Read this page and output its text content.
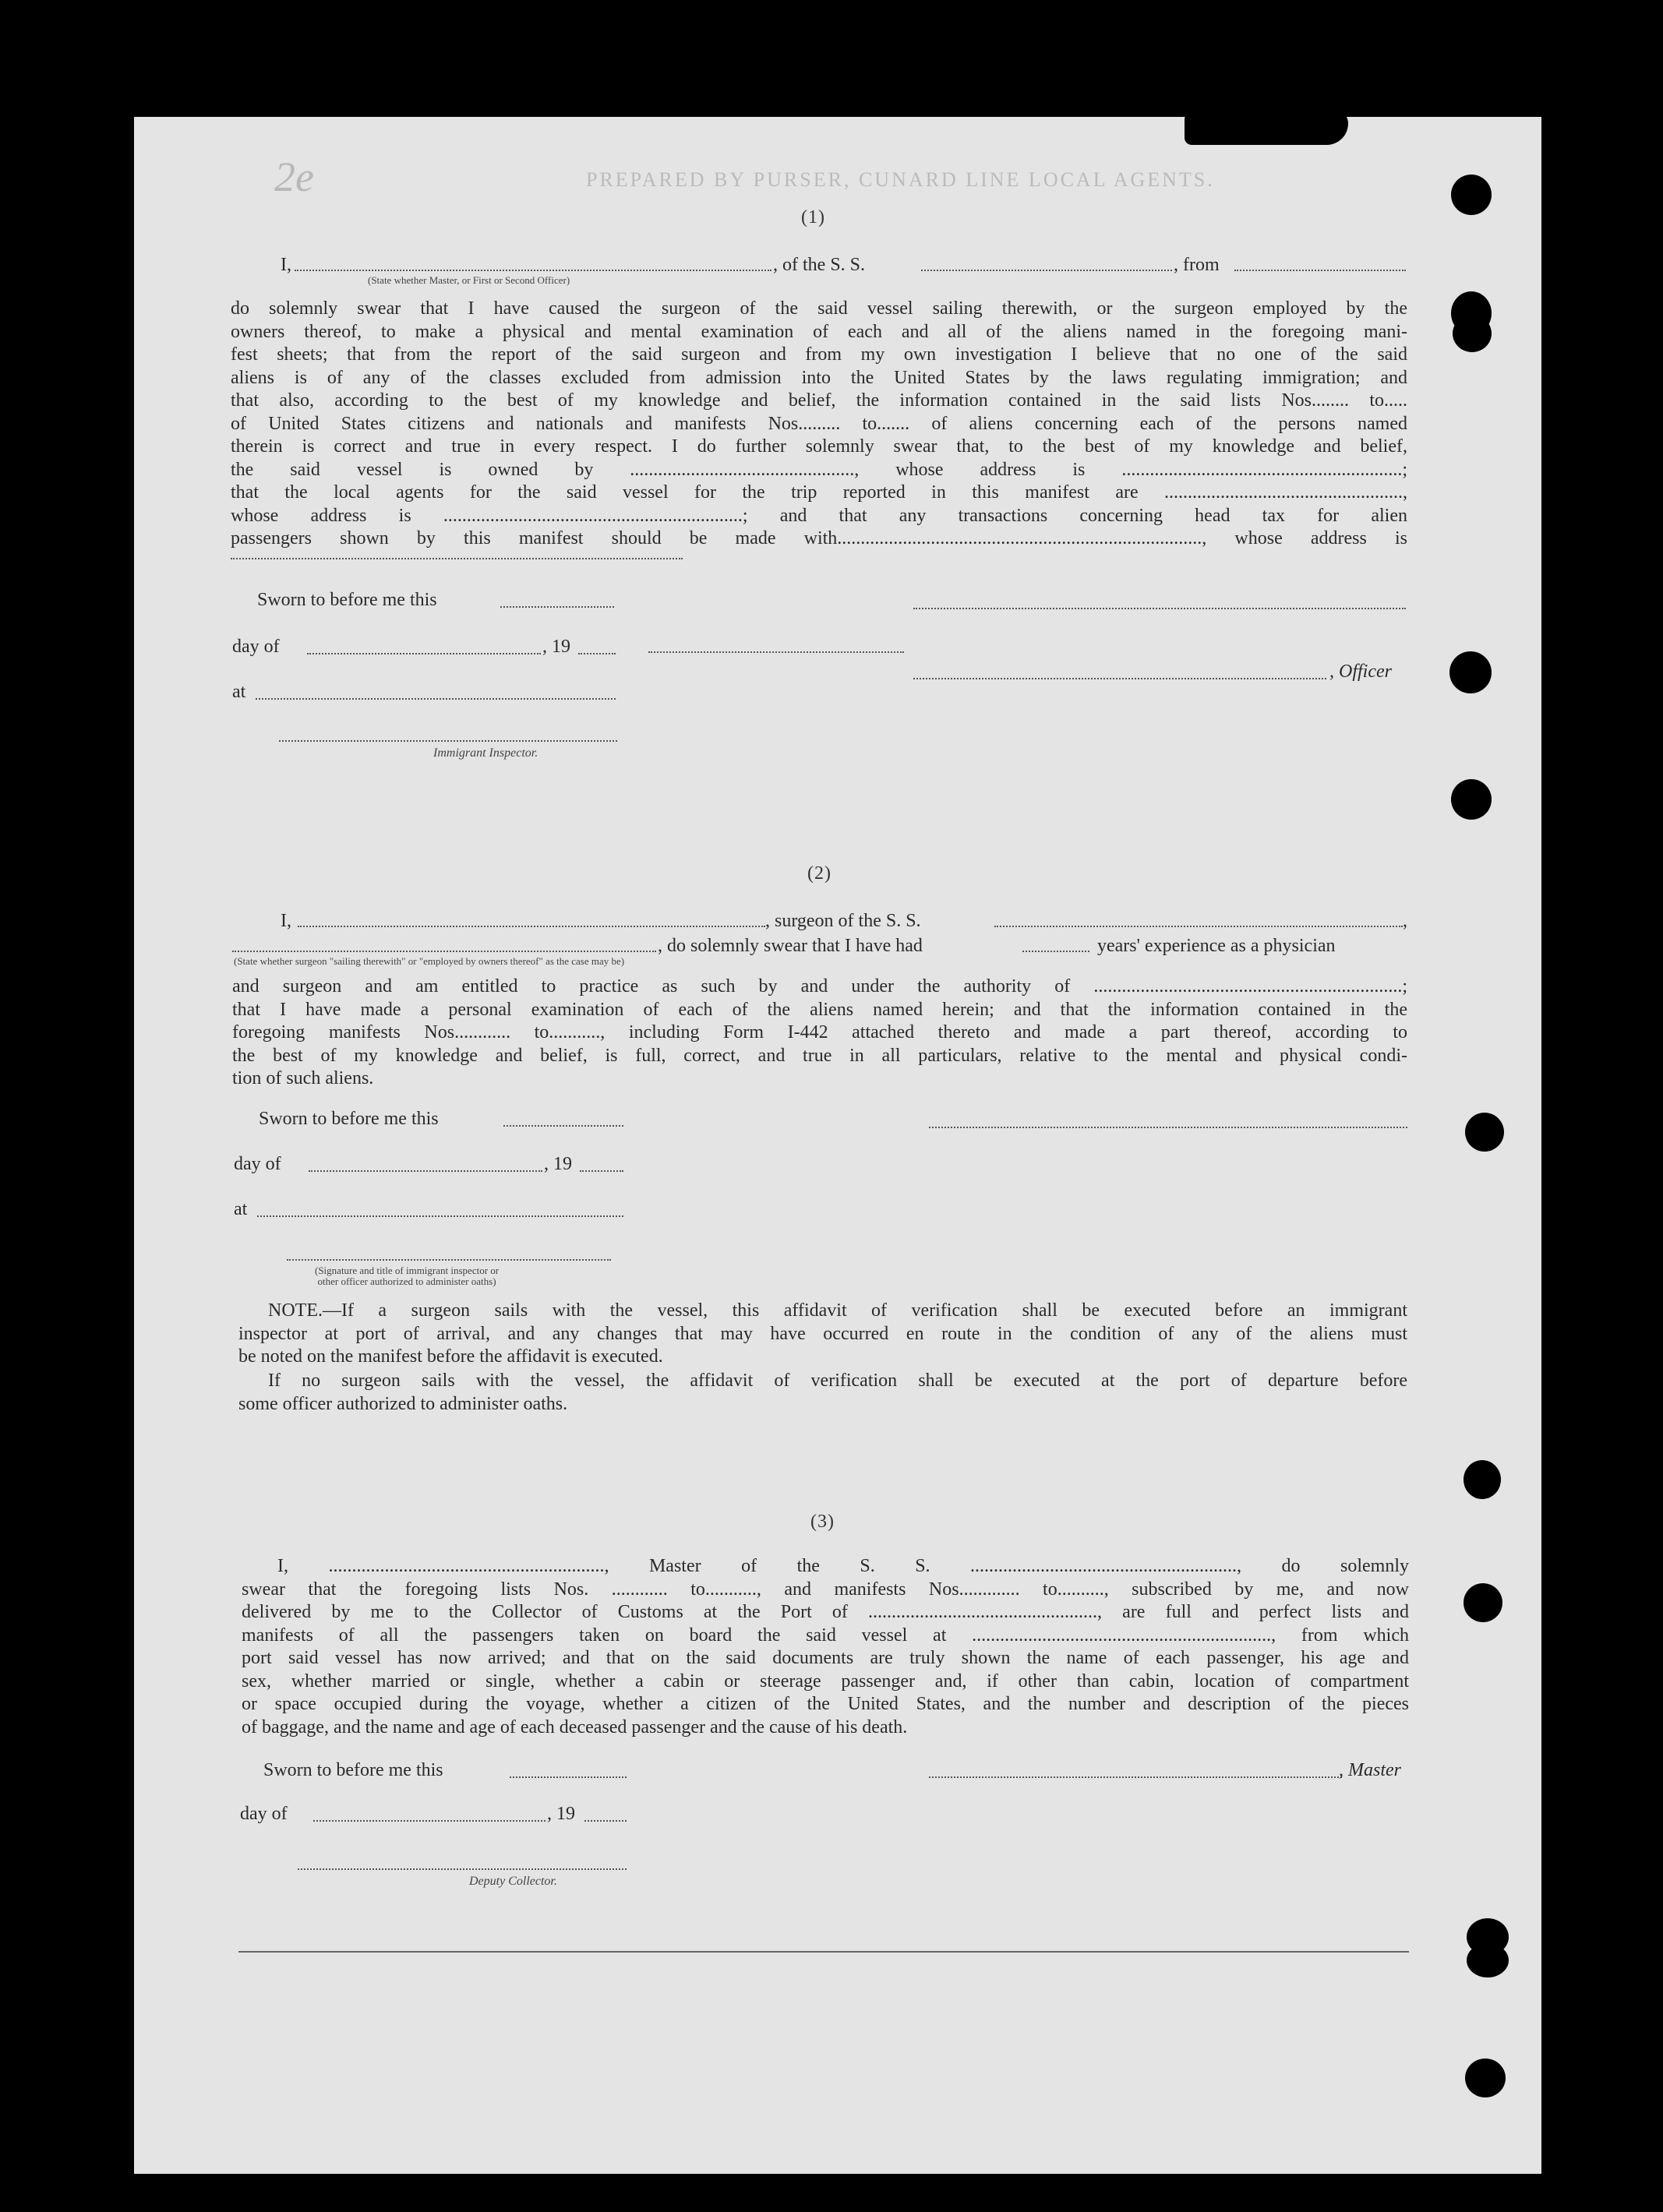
PREPARED BY PURSER, CUNARD LINE LOCAL AGENTS.
2e
(1)
I,	, of the S. S.	, from
(State whether Master, or First or Second Officer)
do solemnly swear that I have caused the surgeon of the said vessel sailing therewith, or the surgeon employed by the
owners thereof, to make a physical and mental examination of each and all of the aliens named in the foregoing mani-
fest sheets; that from the report of the said surgeon and from my own investigation I believe that no one of the said
aliens is of any of the classes excluded from admission into the United States by the laws regulating immigration; and
that also, according to the best of my knowledge and belief, the information contained in the said lists Nos........ to.....
of United States citizens and nationals and manifests Nos......... to....... of aliens concerning each of the persons named
therein is correct and true in every respect. I do further solemnly swear that, to the best of my knowledge and belief,
the said vessel is owned by ................................................, whose address is ............................................................;
that the local agents for the said vessel for the trip reported in this manifest are ...................................................,
whose address is ................................................................; and that any transactions concerning head tax for alien
passengers shown by this manifest should be made with.............................................................................., whose address is
Sworn to before me this
day of	, 19
, Officer
at
Immigrant Inspector.
(2)
I,	, surgeon of the S. S.	,
, do solemnly swear that I have had	years' experience as a physician
(State whether surgeon "sailing therewith" or "employed by owners thereof" as the case may be)
and surgeon and am entitled to practice as such by and under the authority of ..................................................................;
that I have made a personal examination of each of the aliens named herein; and that the information contained in the
foregoing manifests Nos............ to..........., including Form I-442 attached thereto and made a part thereof, according to
the best of my knowledge and belief, is full, correct, and true in all particulars, relative to the mental and physical condi-
tion of such aliens.
Sworn to before me this
day of	, 19
at
(Signature and title of immigrant inspector or
other officer authorized to administer oaths)
NOTE.—If a surgeon sails with the vessel, this affidavit of verification shall be executed before an immigrant
inspector at port of arrival, and any changes that may have occurred en route in the condition of any of the aliens must
be noted on the manifest before the affidavit is executed.
If no surgeon sails with the vessel, the affidavit of verification shall be executed at the port of departure before
some officer authorized to administer oaths.
(3)
I, ..........................................................., Master of the S. S. ........................................................., do solemnly
swear that the foregoing lists Nos. ............ to..........., and manifests Nos............. to.........., subscribed by me, and now
delivered by me to the Collector of Customs at the Port of ................................................., are full and perfect lists and
manifests of all the passengers taken on board the said vessel at ................................................................, from which
port said vessel has now arrived; and that on the said documents are truly shown the name of each passenger, his age and
sex, whether married or single, whether a cabin or steerage passenger and, if other than cabin, location of compartment
or space occupied during the voyage, whether a citizen of the United States, and the number and description of the pieces
of baggage, and the name and age of each deceased passenger and the cause of his death.
Sworn to before me this	, Master
day of	, 19
Deputy Collector.
